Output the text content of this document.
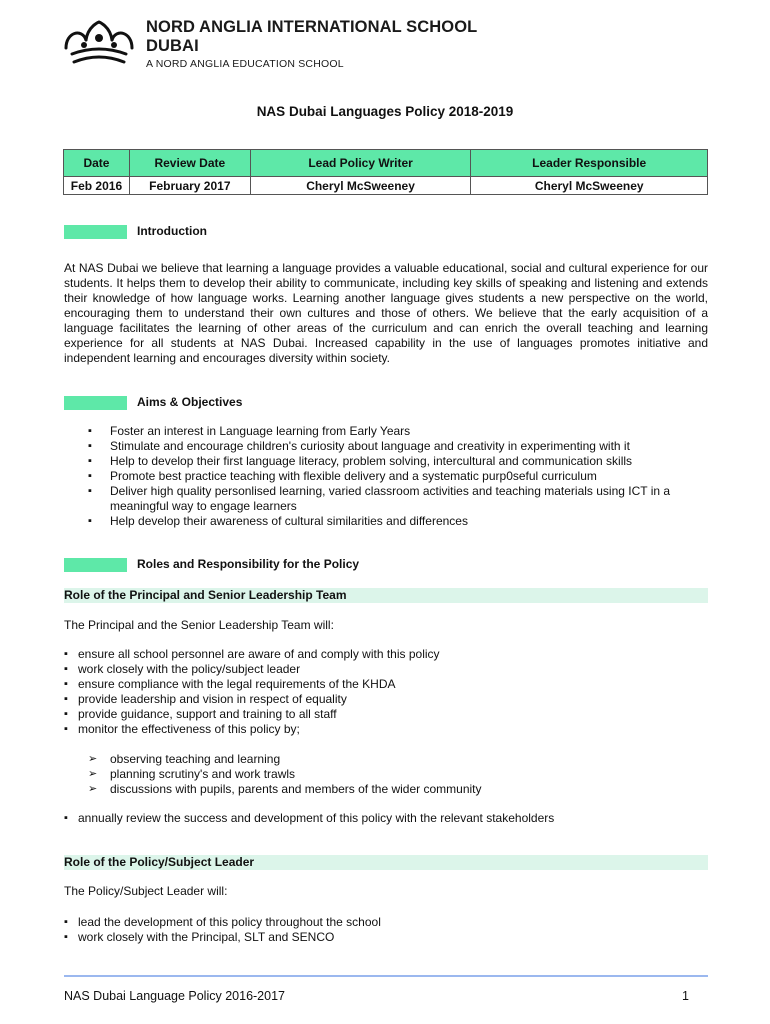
NORD ANGLIA INTERNATIONAL SCHOOL
DUBAI
A NORD ANGLIA EDUCATION SCHOOL
NAS Dubai Languages Policy 2018-2019
Date	Review Date	Lead Policy Writer	Leader Responsible
Feb 2016	February 2017	Cheryl McSweeney	Cheryl McSweeney
Introduction
At NAS Dubai we believe that learning a language provides a valuable educational, social and cultural experience for our students. It helps them to develop their ability to communicate, including key skills of speaking and listening and extends their knowledge of how language works. Learning another language gives students a new perspective on the world, encouraging them to understand their own cultures and those of others. We believe that the early acquisition of a language facilitates the learning of other areas of the curriculum and can enrich the overall teaching and learning experience for all students at NAS Dubai. Increased capability in the use of languages promotes initiative and independent learning and encourages diversity within society.
Aims & Objectives
▪ Foster an interest in Language learning from Early Years
▪ Stimulate and encourage children's curiosity about language and creativity in experimenting with it
▪ Help to develop their first language literacy, problem solving, intercultural and communication skills
▪ Promote best practice teaching with flexible delivery and a systematic purp0seful curriculum
▪ Deliver high quality personlised learning, varied classroom activities and teaching materials using ICT in a meaningful way to engage learners
▪ Help develop their awareness of cultural similarities and differences
Roles and Responsibility for the Policy
Role of the Principal and Senior Leadership Team
The Principal and the Senior Leadership Team will:
▪ ensure all school personnel are aware of and comply with this policy
▪ work closely with the policy/subject leader
▪ ensure compliance with the legal requirements of the KHDA
▪ provide leadership and vision in respect of equality
▪ provide guidance, support and training to all staff
▪ monitor the effectiveness of this policy by;
➢ observing teaching and learning
➢ planning scrutiny's and work trawls
➢ discussions with pupils, parents and members of the wider community
▪ annually review the success and development of this policy with the relevant stakeholders
Role of the Policy/Subject Leader
The Policy/Subject Leader will:
▪ lead the development of this policy throughout the school
▪ work closely with the Principal, SLT and SENCO
NAS Dubai Language Policy 2016-2017	1
